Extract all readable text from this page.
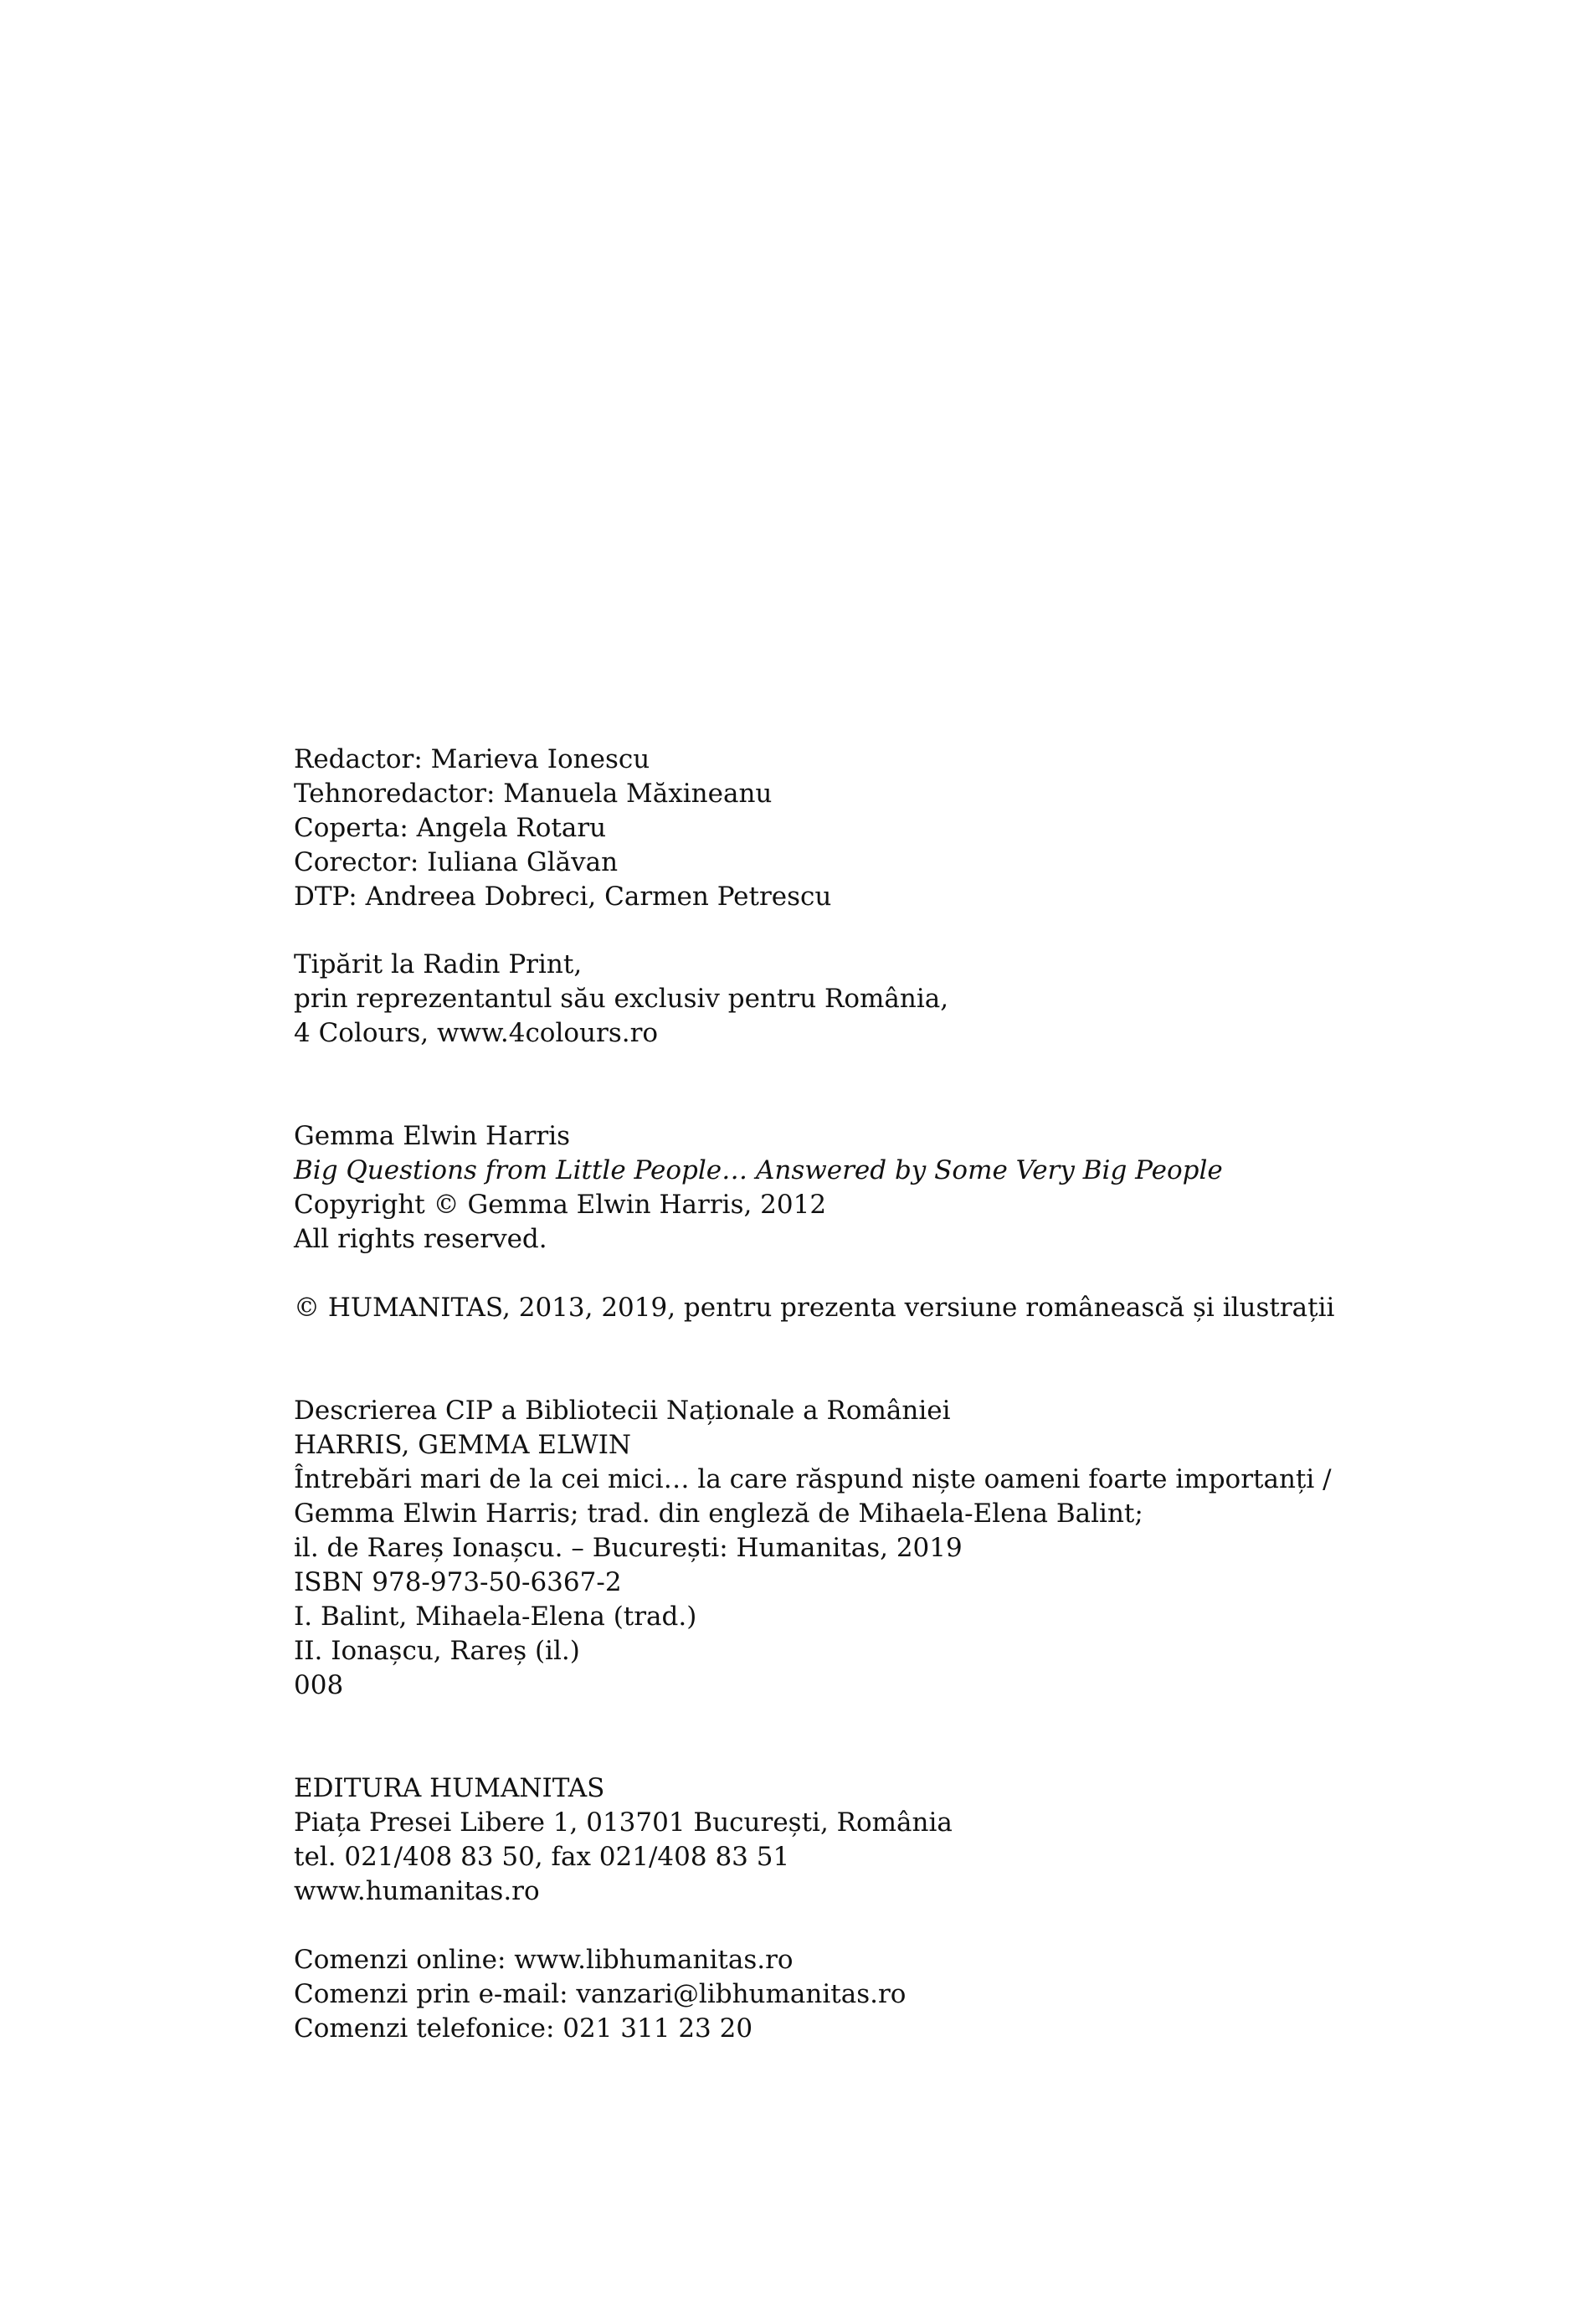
Redactor: Marieva Ionescu
Tehnoredactor: Manuela Măxineanu
Coperta: Angela Rotaru
Corector: Iuliana Glăvan
DTP: Andreea Dobreci, Carmen Petrescu
Tipărit la Radin Print,
prin reprezentantul său exclusiv pentru România,
4 Colours, www.4colours.ro
Gemma Elwin Harris
Big Questions from Little People… Answered by Some Very Big People
Copyright © Gemma Elwin Harris, 2012
All rights reserved.
© HUMANITAS, 2013, 2019, pentru prezenta versiune românească și ilustrații
Descrierea CIP a Bibliotecii Naționale a României
HARRIS, GEMMA ELWIN
Întrebări mari de la cei mici… la care răspund niște oameni foarte importanți /
Gemma Elwin Harris; trad. din engleză de Mihaela-Elena Balint;
il. de Rareș Ionașcu. – București: Humanitas, 2019
ISBN 978-973-50-6367-2
I. Balint, Mihaela-Elena (trad.)
II. Ionașcu, Rareș (il.)
008
EDITURA HUMANITAS
Piața Presei Libere 1, 013701 București, România
tel. 021/408 83 50, fax 021/408 83 51
www.humanitas.ro
Comenzi online: www.libhumanitas.ro
Comenzi prin e-mail: vanzari@libhumanitas.ro
Comenzi telefonice: 021 311 23 20
